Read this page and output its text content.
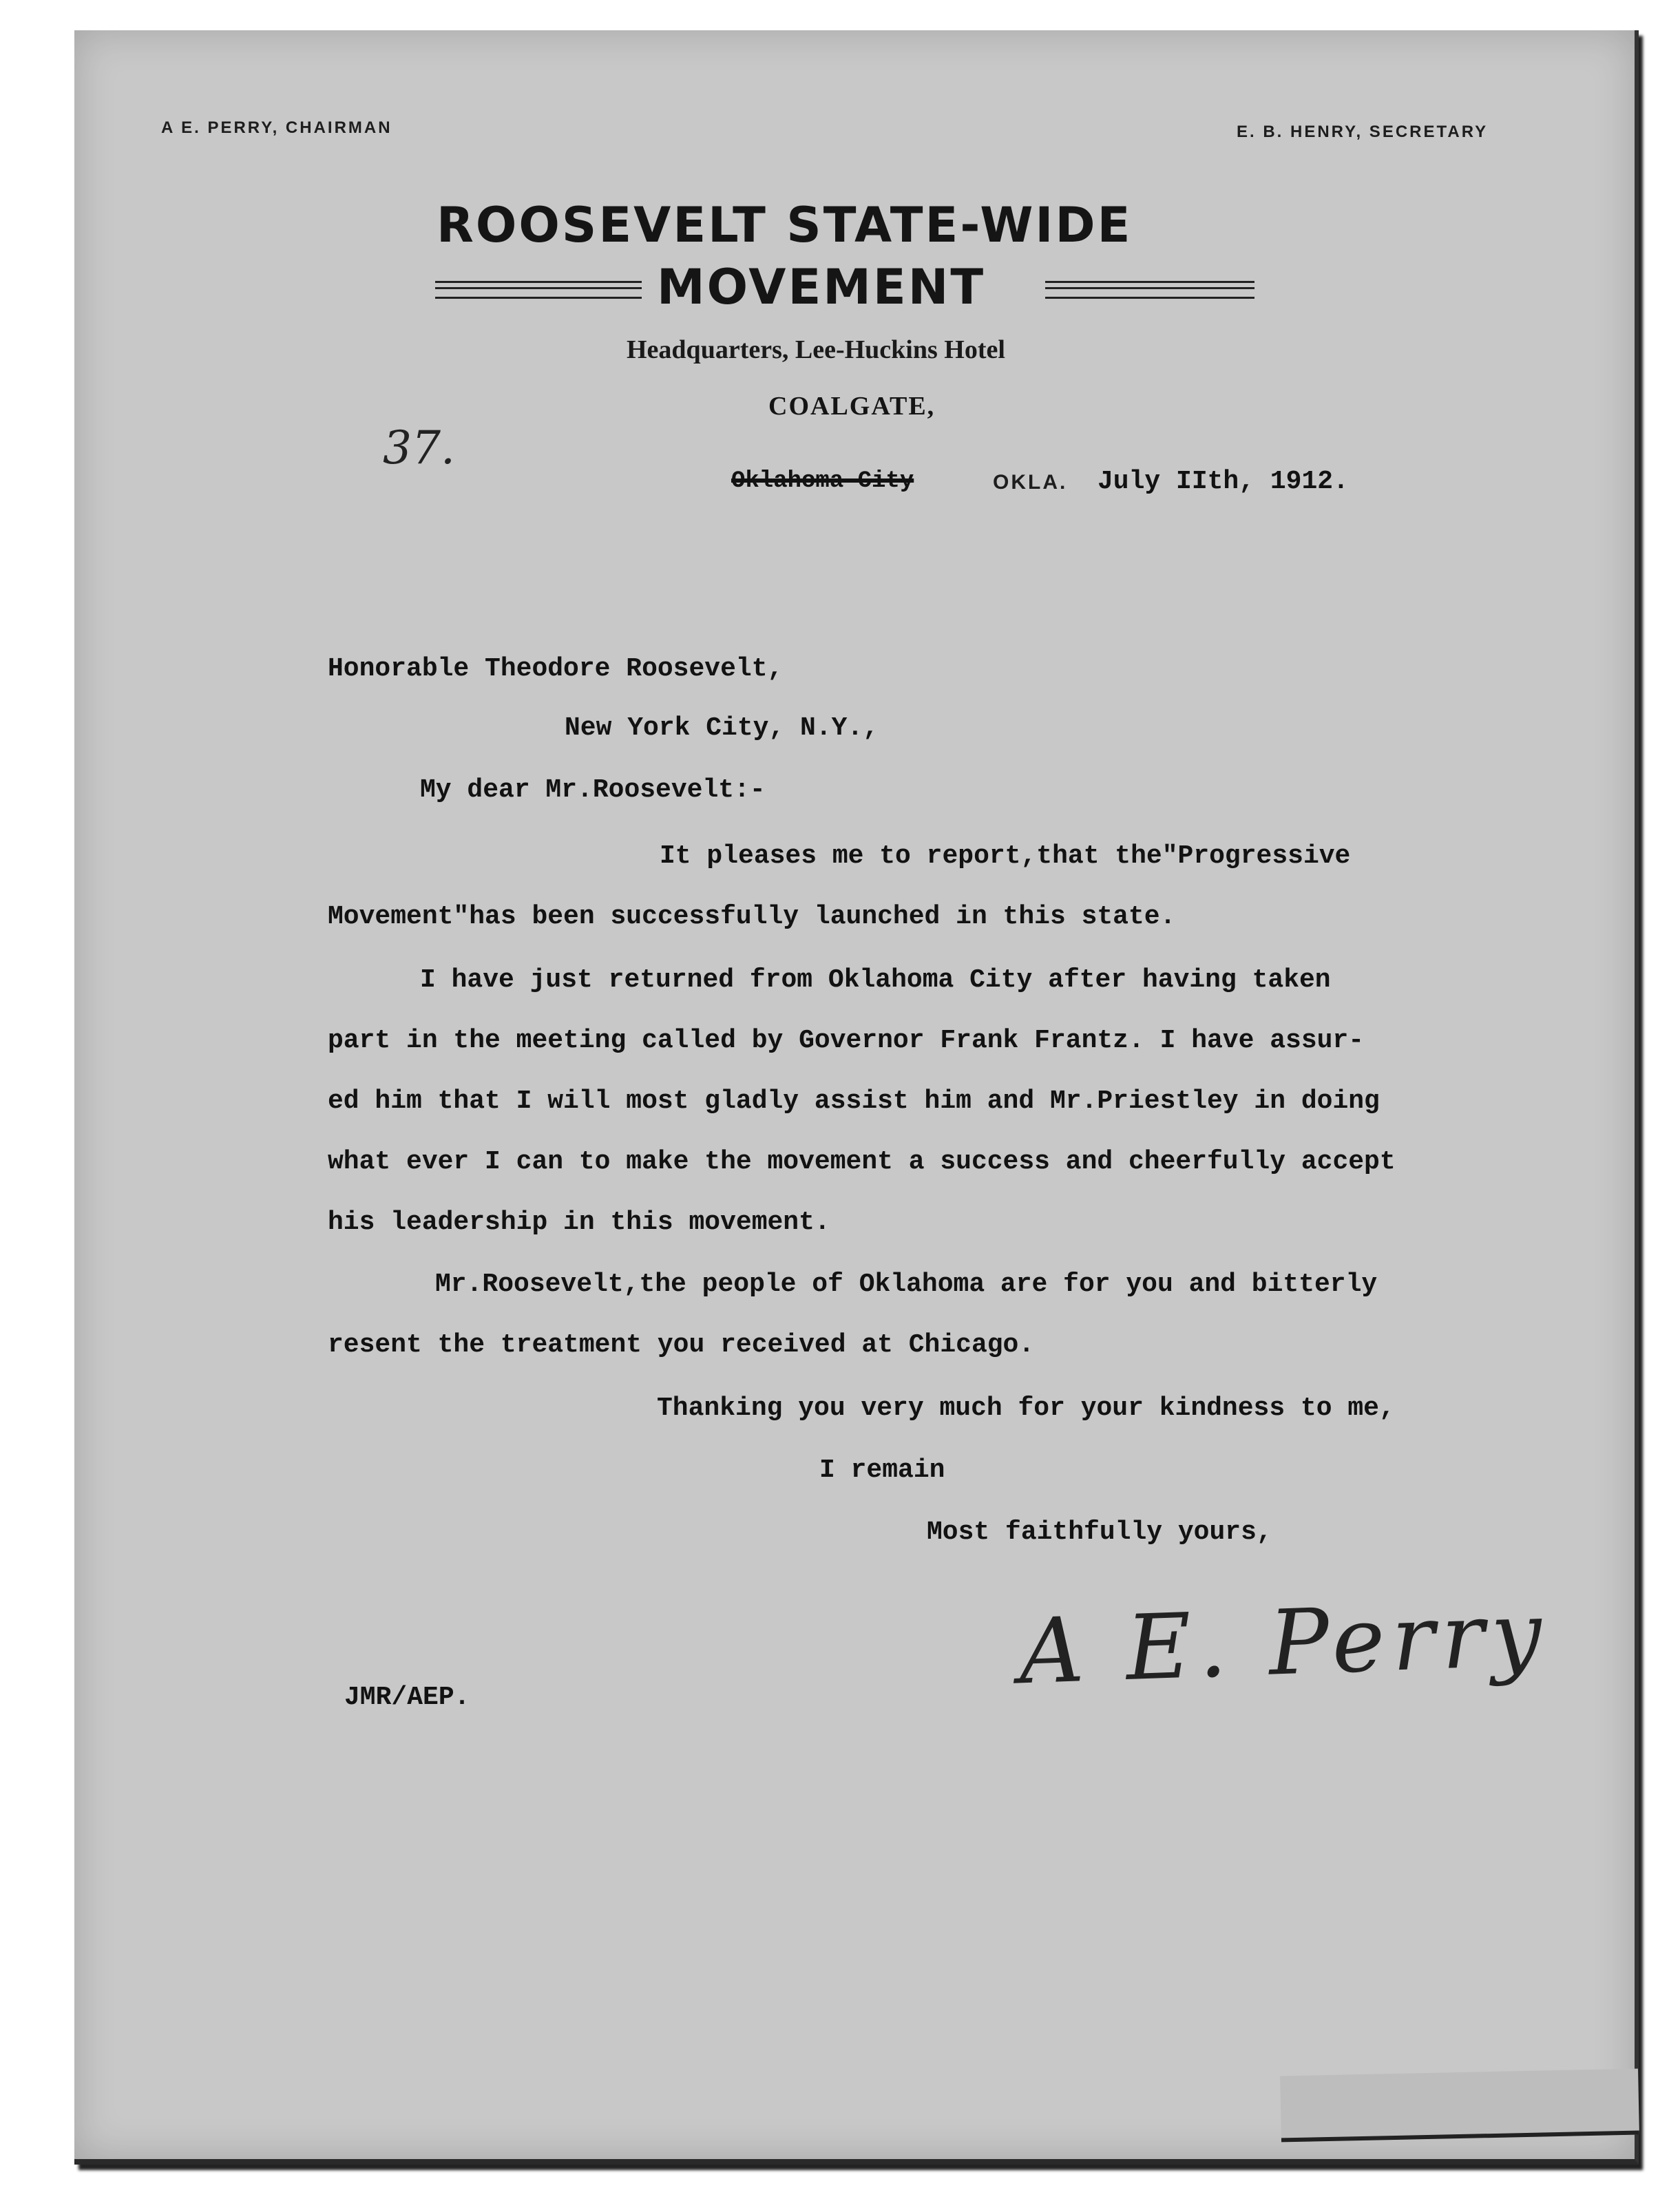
A E. PERRY, CHAIRMAN	E. B. HENRY, SECRETARY
ROOSEVELT STATE-WIDE
MOVEMENT
Headquarters, Lee-Huckins Hotel
COALGATE,
37.
Oklahoma City	OKLA. July IIth, 1912.
Honorable Theodore Roosevelt,
New York City, N.Y.,
My dear Mr.Roosevelt:-
It pleases me to report,that the"Progressive
Movement"has been successfully launched in this state.
I have just returned from Oklahoma City after having taken
part in the meeting called by Governor Frank Frantz. I have assur-
ed him that I will most gladly assist him and Mr.Priestley in doing
what ever I can to make the movement a success and cheerfully accept
his leadership in this movement.
Mr.Roosevelt,the people of Oklahoma are for you and bitterly
resent the treatment you received at Chicago.
Thanking you very much for your kindness to me,
I remain
Most faithfully yours,
A E. Perry
JMR/AEP.
